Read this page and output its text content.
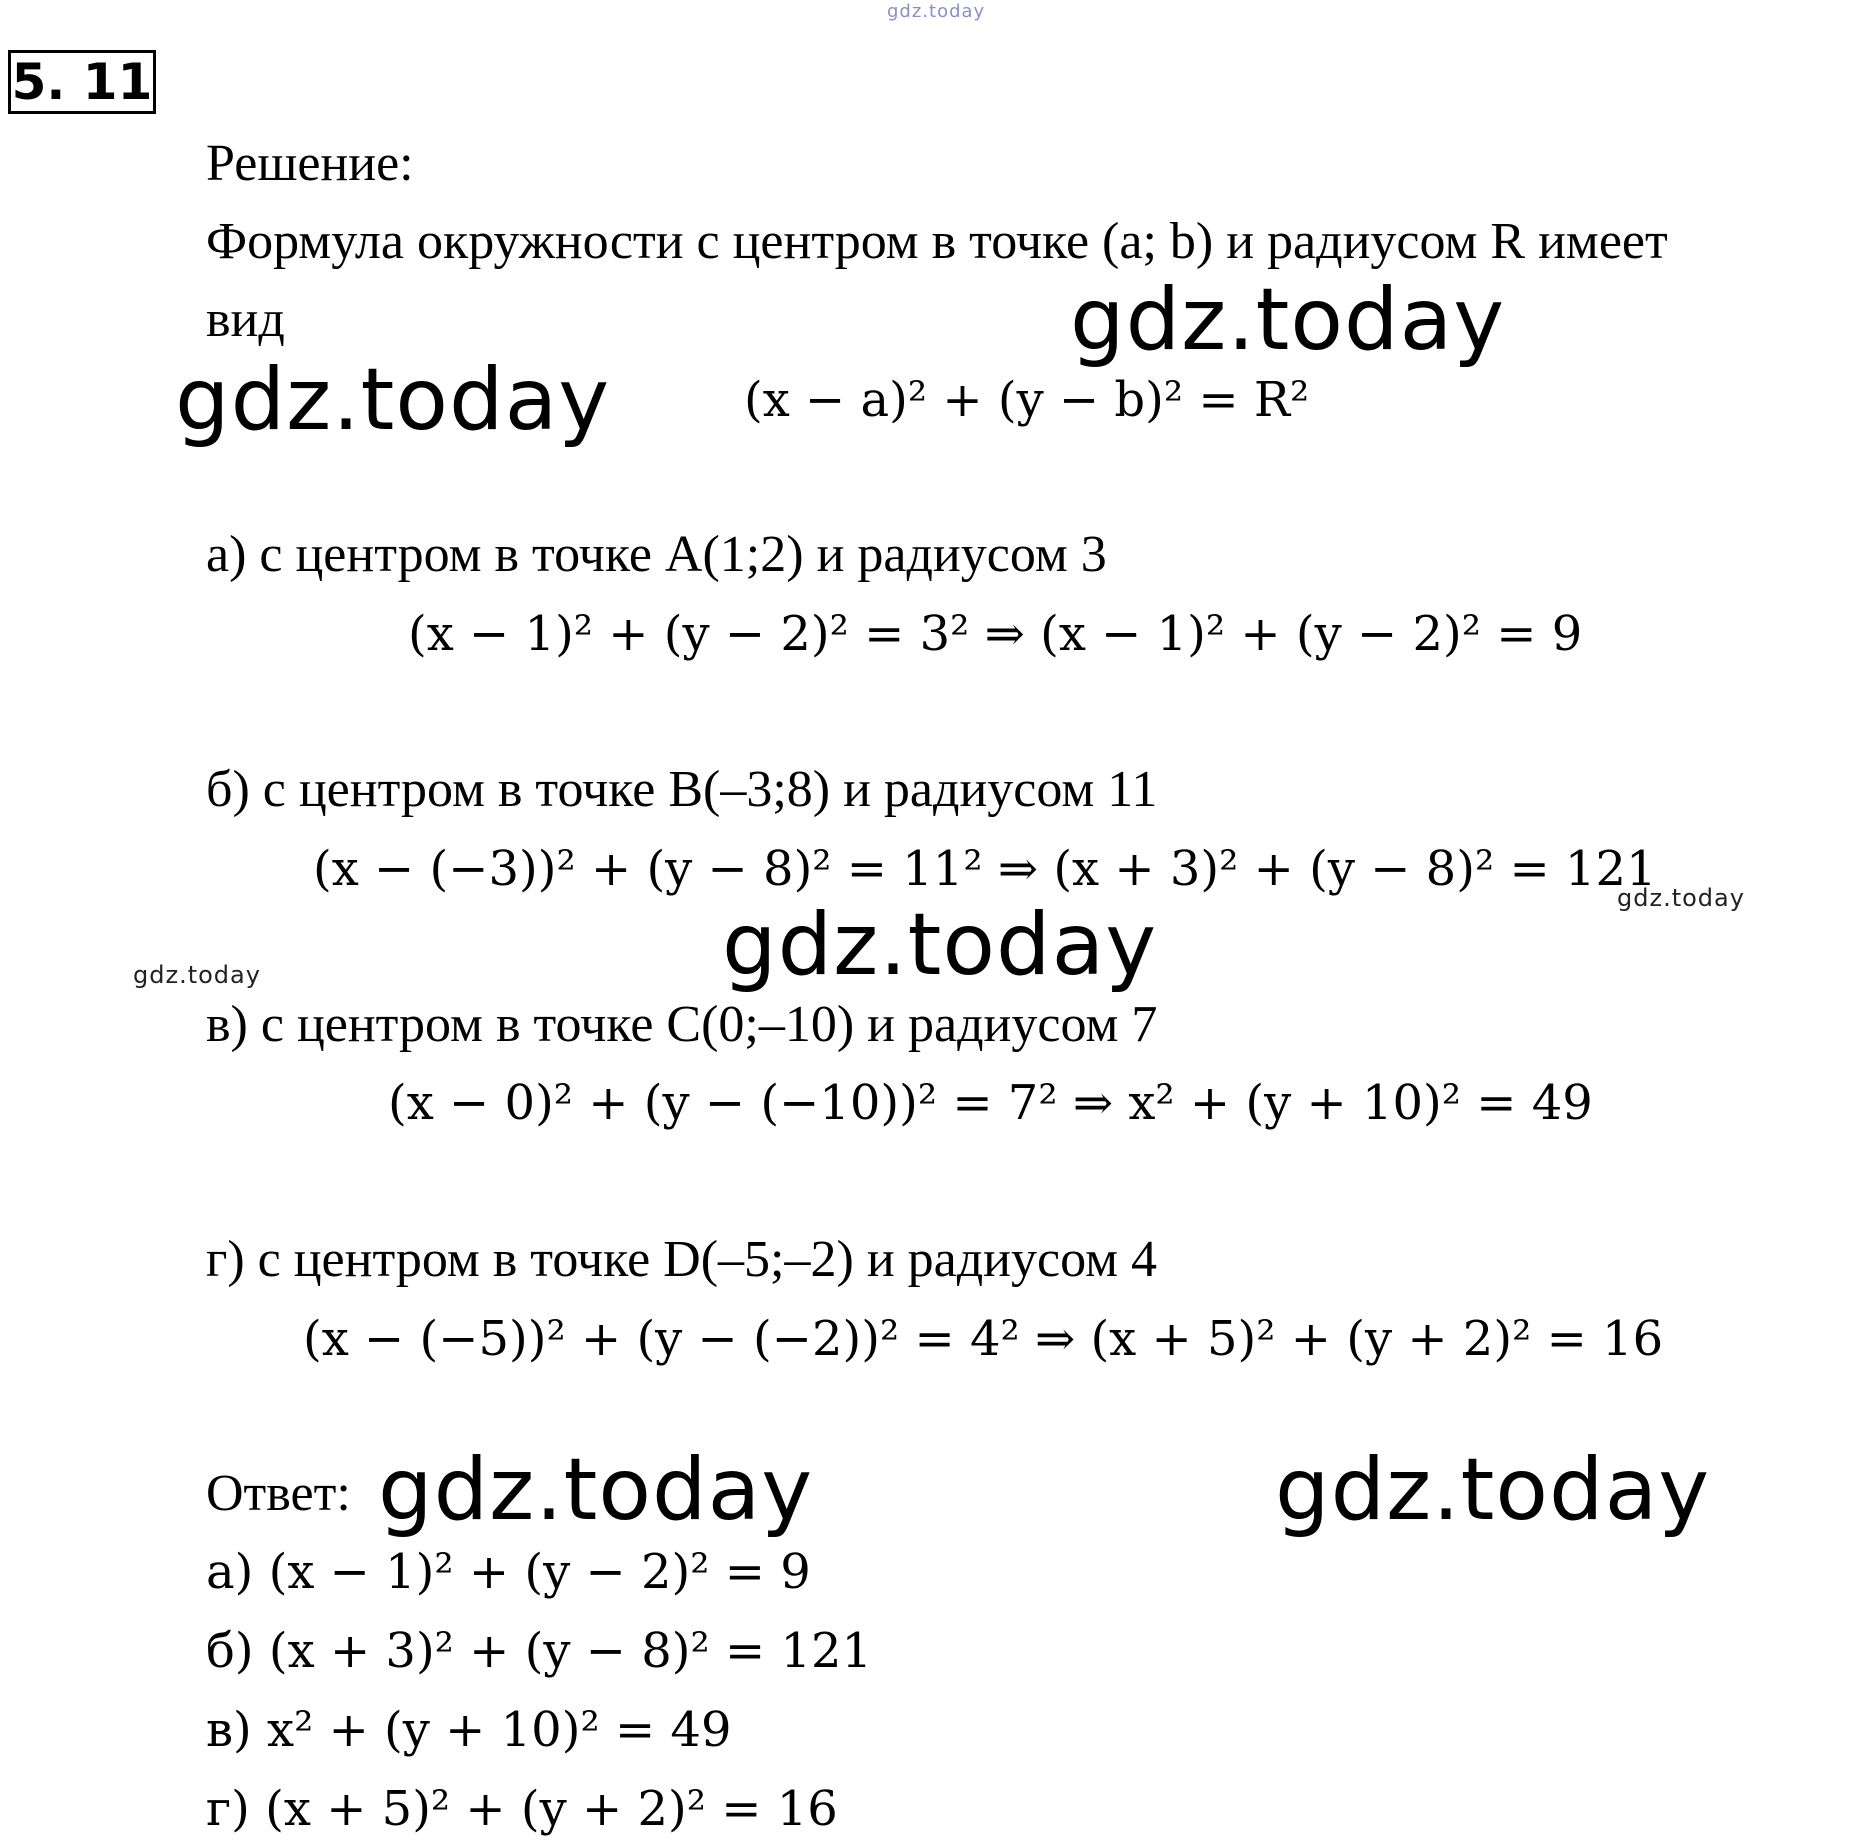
gdz.today
5. 11
Решение:
Формула окружности с центром в точке (a; b) и радиусом R имеет
вид	gdz.today
gdz.today	(x − a)² + (y − b)² = R²
а) с центром в точке A(1;2) и радиусом 3
(x − 1)² + (y − 2)² = 3² ⇒ (x − 1)² + (y − 2)² = 9
б) с центром в точке B(–3;8) и радиусом 11
(x − (−3))² + (y − 8)² = 11² ⇒ (x + 3)² + (y − 8)² = 121
gdz.today
gdz.today
gdz.today
в) с центром в точке C(0;–10) и радиусом 7
(x − 0)² + (y − (−10))² = 7² ⇒ x² + (y + 10)² = 49
г) с центром в точке D(–5;–2) и радиусом 4
(x − (−5))² + (y − (−2))² = 4² ⇒ (x + 5)² + (y + 2)² = 16
Ответ: gdz.today	gdz.today
а) (x − 1)² + (y − 2)² = 9
б) (x + 3)² + (y − 8)² = 121
в) x² + (y + 10)² = 49
г) (x + 5)² + (y + 2)² = 16
